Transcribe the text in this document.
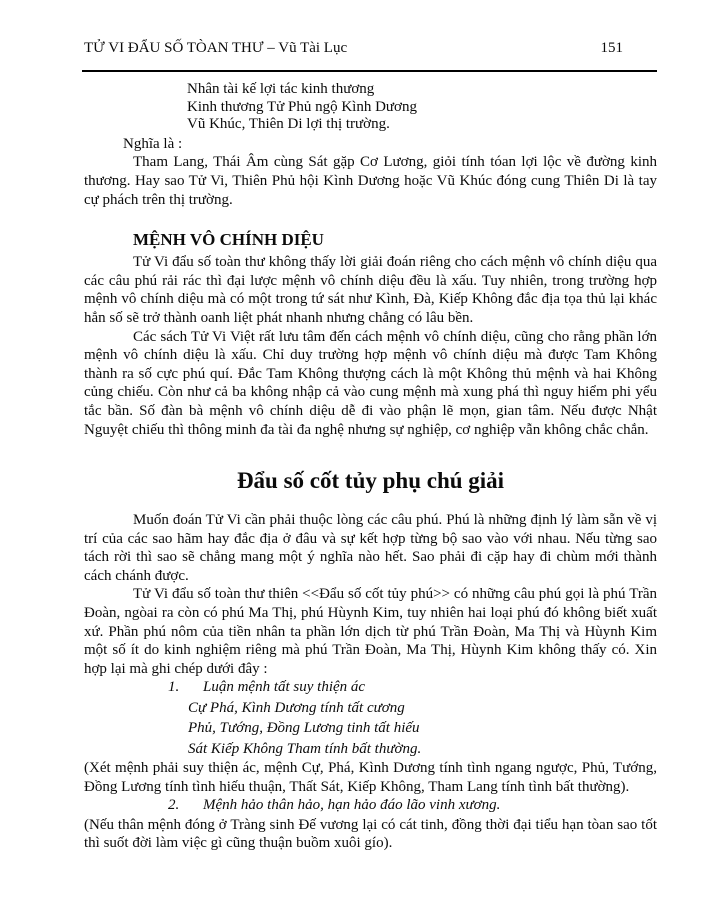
TỬ VI ĐẨU SỐ TÒAN THƯ – Vũ Tài Lục	151
Nhân tài kế lợi tác kinh thương
Kinh thương Tử Phủ ngộ Kình Dương
Vũ Khúc, Thiên Di lợi thị trường.
Nghĩa là :

Tham Lang, Thái Âm cùng Sát gặp Cơ Lương, giỏi tính tóan lợi lộc về đường kinh thương. Hay sao Tử Vi, Thiên Phủ hội Kình Dương hoặc Vũ Khúc đóng cung Thiên Di là tay cự phách trên thị trường.

MỆNH VÔ CHÍNH DIỆU

Tử Vi đẩu số toàn thư không thấy lời giải đoán riêng cho cách mệnh vô chính diệu qua các câu phú rải rác thì đại lược mệnh vô chính diệu đều là xấu. Tuy nhiên, trong trường hợp mệnh vô chính diệu mà có một trong tứ sát như Kình, Đà, Kiếp Không đắc địa tọa thủ lại khác hẳn số sẽ trở thành oanh liệt phát nhanh nhưng chẳng có lâu bền.

Các sách Tử Vi Việt rất lưu tâm đến cách mệnh vô chính diệu, cũng cho rằng phần lớn mệnh vô chính diệu là xấu. Chỉ duy trường hợp mệnh vô chính diệu mà được Tam Không thành ra số cực phú quí. Đắc Tam Không thượng cách là một Không thủ mệnh và hai Không củng chiếu. Còn như cả ba không nhập cả vào cung mệnh mà xung phá thì nguy hiểm phi yểu tắc bần. Số đàn bà mệnh vô chính diệu dễ đi vào phận lẽ mọn, gian tâm. Nếu được Nhật Nguyệt chiếu thì thông minh đa tài đa nghệ nhưng sự nghiệp, cơ nghiệp vẫn không chắc chắn.

Đẩu số cốt tủy phụ chú giải

Muốn đoán Tử Vi cần phải thuộc lòng các câu phú. Phú là những định lý làm sẵn về vị trí của các sao hãm hay đắc địa ở đâu và sự kết hợp từng bộ sao vào với nhau. Nếu từng sao tách rời thì sao sẽ chẳng mang một ý nghĩa nào hết. Sao phải đi cặp hay đi chùm mới thành cách chánh được.

Tử Vi đẩu số toàn thư thiên <<Đẩu số cốt tủy phú>> có những câu phú gọi là phú Trần Đoàn, ngòai ra còn có phú Ma Thị, phú Hùynh Kim, tuy nhiên hai loại phú đó không biết xuất xứ. Phần phú nôm của tiền nhân ta phần lớn dịch từ phú Trần Đoàn, Ma Thị và Hùynh Kim một số ít do kinh nghiệm riêng mà phú Trần Đoàn, Ma Thị, Hùynh Kim không thấy có. Xin hợp lại mà ghi chép dưới đây :

1. Luận mệnh tất suy thiện ác
Cự Phá, Kình Dương tính tất cương
Phủ, Tướng, Đồng Lương tinh tất hiếu
Sát Kiếp Không Tham tính bất thường.

(Xét mệnh phải suy thiện ác, mệnh Cự, Phá, Kình Dương tính tình ngang ngược, Phủ, Tướng, Đồng Lương tính tình hiếu thuận, Thất Sát, Kiếp Không, Tham Lang tính tình bất thường).

2. Mệnh hảo thân hảo, hạn hảo đáo lão vinh xương.

(Nếu thân mệnh đóng ở Tràng sinh Đế vương lại có cát tinh, đồng thời đại tiểu hạn tòan sao tốt thì suốt đời làm việc gì cũng thuận buồm xuôi gío).
